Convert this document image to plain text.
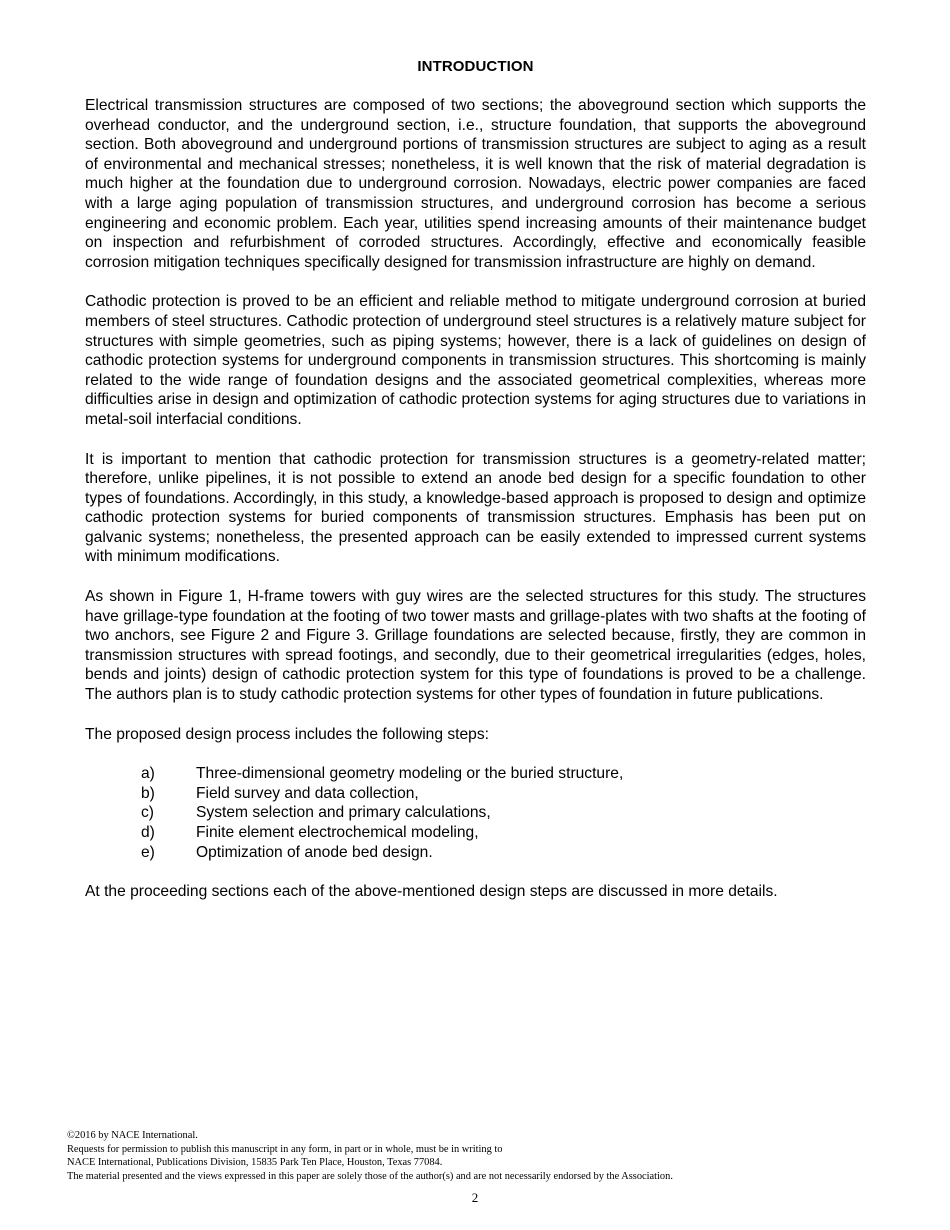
INTRODUCTION

Electrical transmission structures are composed of two sections; the aboveground section which supports the overhead conductor, and the underground section, i.e., structure foundation, that supports the aboveground section. Both aboveground and underground portions of transmission structures are subject to aging as a result of environmental and mechanical stresses; nonetheless, it is well known that the risk of material degradation is much higher at the foundation due to underground corrosion. Nowadays, electric power companies are faced with a large aging population of transmission structures, and underground corrosion has become a serious engineering and economic problem. Each year, utilities spend increasing amounts of their maintenance budget on inspection and refurbishment of corroded structures. Accordingly, effective and economically feasible corrosion mitigation techniques specifically designed for transmission infrastructure are highly on demand.

Cathodic protection is proved to be an efficient and reliable method to mitigate underground corrosion at buried members of steel structures. Cathodic protection of underground steel structures is a relatively mature subject for structures with simple geometries, such as piping systems; however, there is a lack of guidelines on design of cathodic protection systems for underground components in transmission structures. This shortcoming is mainly related to the wide range of foundation designs and the associated geometrical complexities, whereas more difficulties arise in design and optimization of cathodic protection systems for aging structures due to variations in metal-soil interfacial conditions.

It is important to mention that cathodic protection for transmission structures is a geometry-related matter; therefore, unlike pipelines, it is not possible to extend an anode bed design for a specific foundation to other types of foundations. Accordingly, in this study, a knowledge-based approach is proposed to design and optimize cathodic protection systems for buried components of transmission structures. Emphasis has been put on galvanic systems; nonetheless, the presented approach can be easily extended to impressed current systems with minimum modifications.

As shown in Figure 1, H-frame towers with guy wires are the selected structures for this study. The structures have grillage-type foundation at the footing of two tower masts and grillage-plates with two shafts at the footing of two anchors, see Figure 2 and Figure 3. Grillage foundations are selected because, firstly, they are common in transmission structures with spread footings, and secondly, due to their geometrical irregularities (edges, holes, bends and joints) design of cathodic protection system for this type of foundations is proved to be a challenge. The authors plan is to study cathodic protection systems for other types of foundation in future publications.

The proposed design process includes the following steps:

a)	Three-dimensional geometry modeling or the buried structure,
b)	Field survey and data collection,
c)	System selection and primary calculations,
d)	Finite element electrochemical modeling,
e)	Optimization of anode bed design.

At the proceeding sections each of the above-mentioned design steps are discussed in more details.

©2016 by NACE International.
Requests for permission to publish this manuscript in any form, in part or in whole, must be in writing to
NACE International, Publications Division, 15835 Park Ten Place, Houston, Texas 77084.
The material presented and the views expressed in this paper are solely those of the author(s) and are not necessarily endorsed by the Association.
2
